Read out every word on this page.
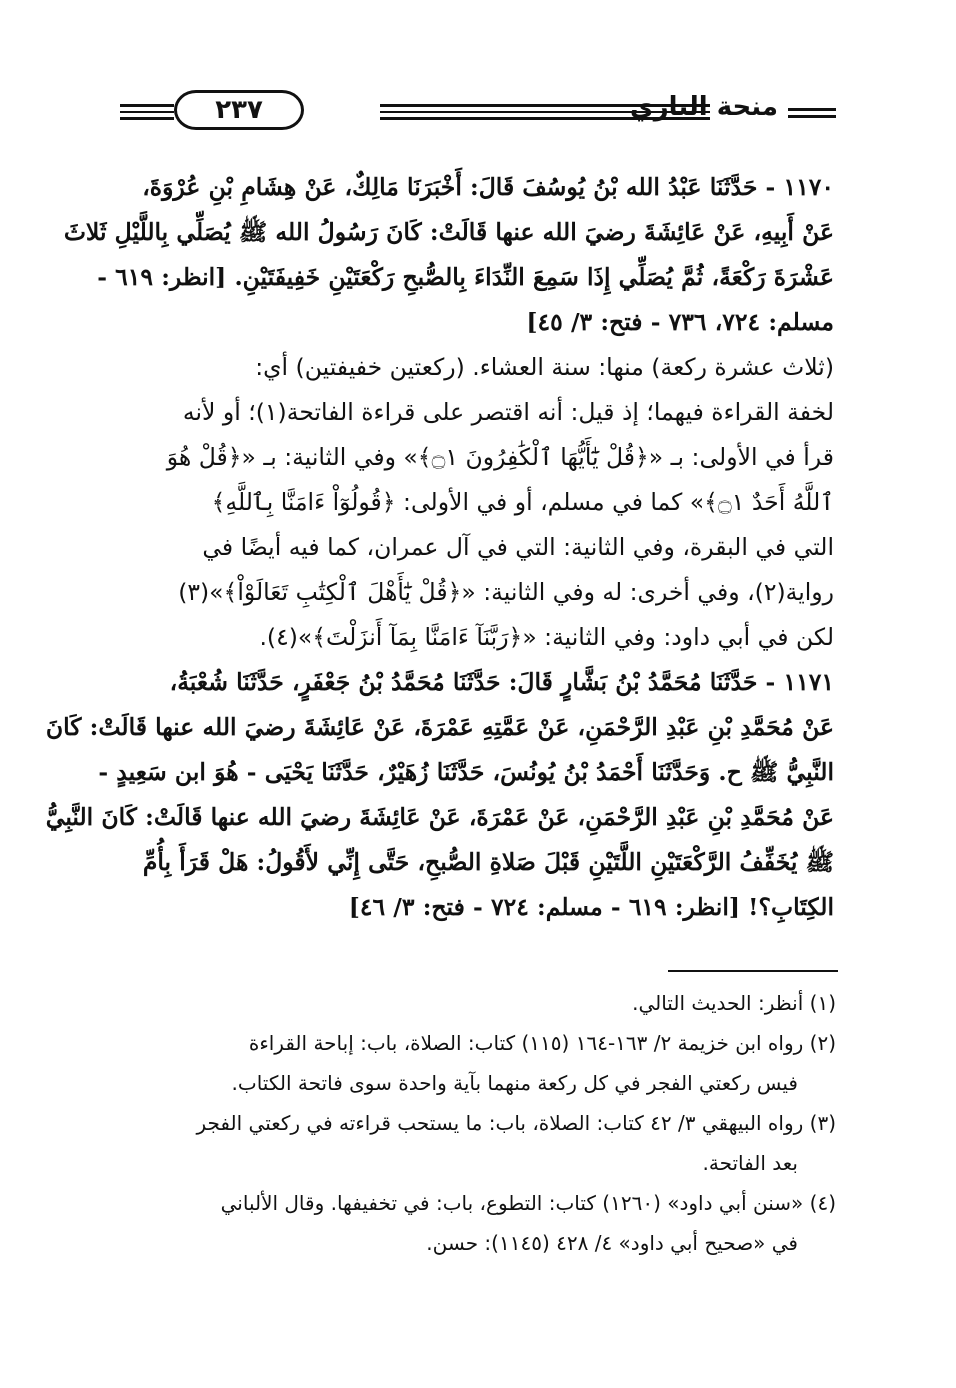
٢٣٧	منحة الباري

١١٧٠ - حَدَّثَنَا عَبْدُ الله بْنُ يُوسُفَ قَالَ: أَخْبَرَنَا مَالِكٌ، عَنْ هِشَامِ بْنِ عُرْوَةَ،
عَنْ أَبِيهِ، عَنْ عَائِشَةَ رضيَ الله عنها قَالَتْ: كَانَ رَسُولُ الله ﷺ يُصَلِّي بِاللَّيْلِ ثَلاثَ
عَشْرَةَ رَكْعَةً، ثُمَّ يُصَلِّي إِذَا سَمِعَ النِّدَاءَ بِالصُّبحِ رَكْعَتَيْنِ خَفِيفَتَيْنِ. [انظر: ٦١٩ -
مسلم: ٧٢٤، ٧٣٦ - فتح: ٣/ ٤٥]

(ثلاث عشرة ركعة) منها: سنة العشاء. (ركعتين خفيفتين) أي:
لخفة القراءة فيهما؛ إذ قيل: أنه اقتصر على قراءة الفاتحة(١)؛ أو لأنه
قرأ في الأولى: بـ «﴿قُلْ يَٰٓأَيُّهَا ٱلْكَٰفِرُونَ ۝١﴾» وفي الثانية: بـ «﴿قُلْ هُوَ
ٱللَّهُ أَحَدٌ ۝١﴾» كما في مسلم، أو في الأولى: ﴿قُولُوٓاْ ءَامَنَّا بِٱللَّهِ﴾
التي في البقرة، وفي الثانية: التي في آل عمران، كما فيه أيضًا في
رواية(٢)، وفي أخرى: له وفي الثانية: «﴿قُلْ يَٰٓأَهْلَ ٱلْكِتَٰبِ تَعَالَوْاْ﴾»(٣)
لكن في أبي داود: وفي الثانية: «﴿رَبَّنَآ ءَامَنَّا بِمَآ أَنزَلْتَ﴾»(٤).

١١٧١ - حَدَّثَنَا مُحَمَّدُ بْنُ بَشَّارٍ قَالَ: حَدَّثَنَا مُحَمَّدُ بْنُ جَعْفَرٍ، حَدَّثَنَا شُعْبَةُ،
عَنْ مُحَمَّدِ بْنِ عَبْدِ الرَّحْمَنِ، عَنْ عَمَّتِهِ عَمْرَةَ، عَنْ عَائِشَةَ رضيَ الله عنها قَالَتْ: كَانَ
النَّبِيُّ ﷺ ح. وَحَدَّثَنَا أَحْمَدُ بْنُ يُونُسَ، حَدَّثَنَا زُهَيْرٌ، حَدَّثَنَا يَحْيَى - هُوَ ابن سَعِيدٍ -
عَنْ مُحَمَّدِ بْنِ عَبْدِ الرَّحْمَنِ، عَنْ عَمْرَةَ، عَنْ عَائِشَةَ رضيَ الله عنها قَالَتْ: كَانَ النَّبِيُّ
ﷺ يُخَفِّفُ الرَّكْعَتَيْنِ اللَّتَيْنِ قَبْلَ صَلاةِ الصُّبحِ، حَتَّى إِنِّي لأَقُولُ: هَلْ قَرَأَ بِأُمِّ
الكِتَابِ؟! [انظر: ٦١٩ - مسلم: ٧٢٤ - فتح: ٣/ ٤٦]

(١) أنظر: الحديث التالي.

(٢) رواه ابن خزيمة ٢/ ١٦٣-١٦٤ (١١٥) كتاب: الصلاة، باب: إباحة القراءة
فيس ركعتي الفجر في كل ركعة منهما بآية واحدة سوى فاتحة الكتاب.

(٣) رواه البيهقي ٣/ ٤٢ كتاب: الصلاة، باب: ما يستحب قراءته في ركعتي الفجر
بعد الفاتحة.

(٤) «سنن أبي داود» (١٢٦٠) كتاب: التطوع، باب: في تخفيفها. وقال الألباني
في «صحيح أبي داود» ٤/ ٤٢٨ (١١٤٥): حسن.
